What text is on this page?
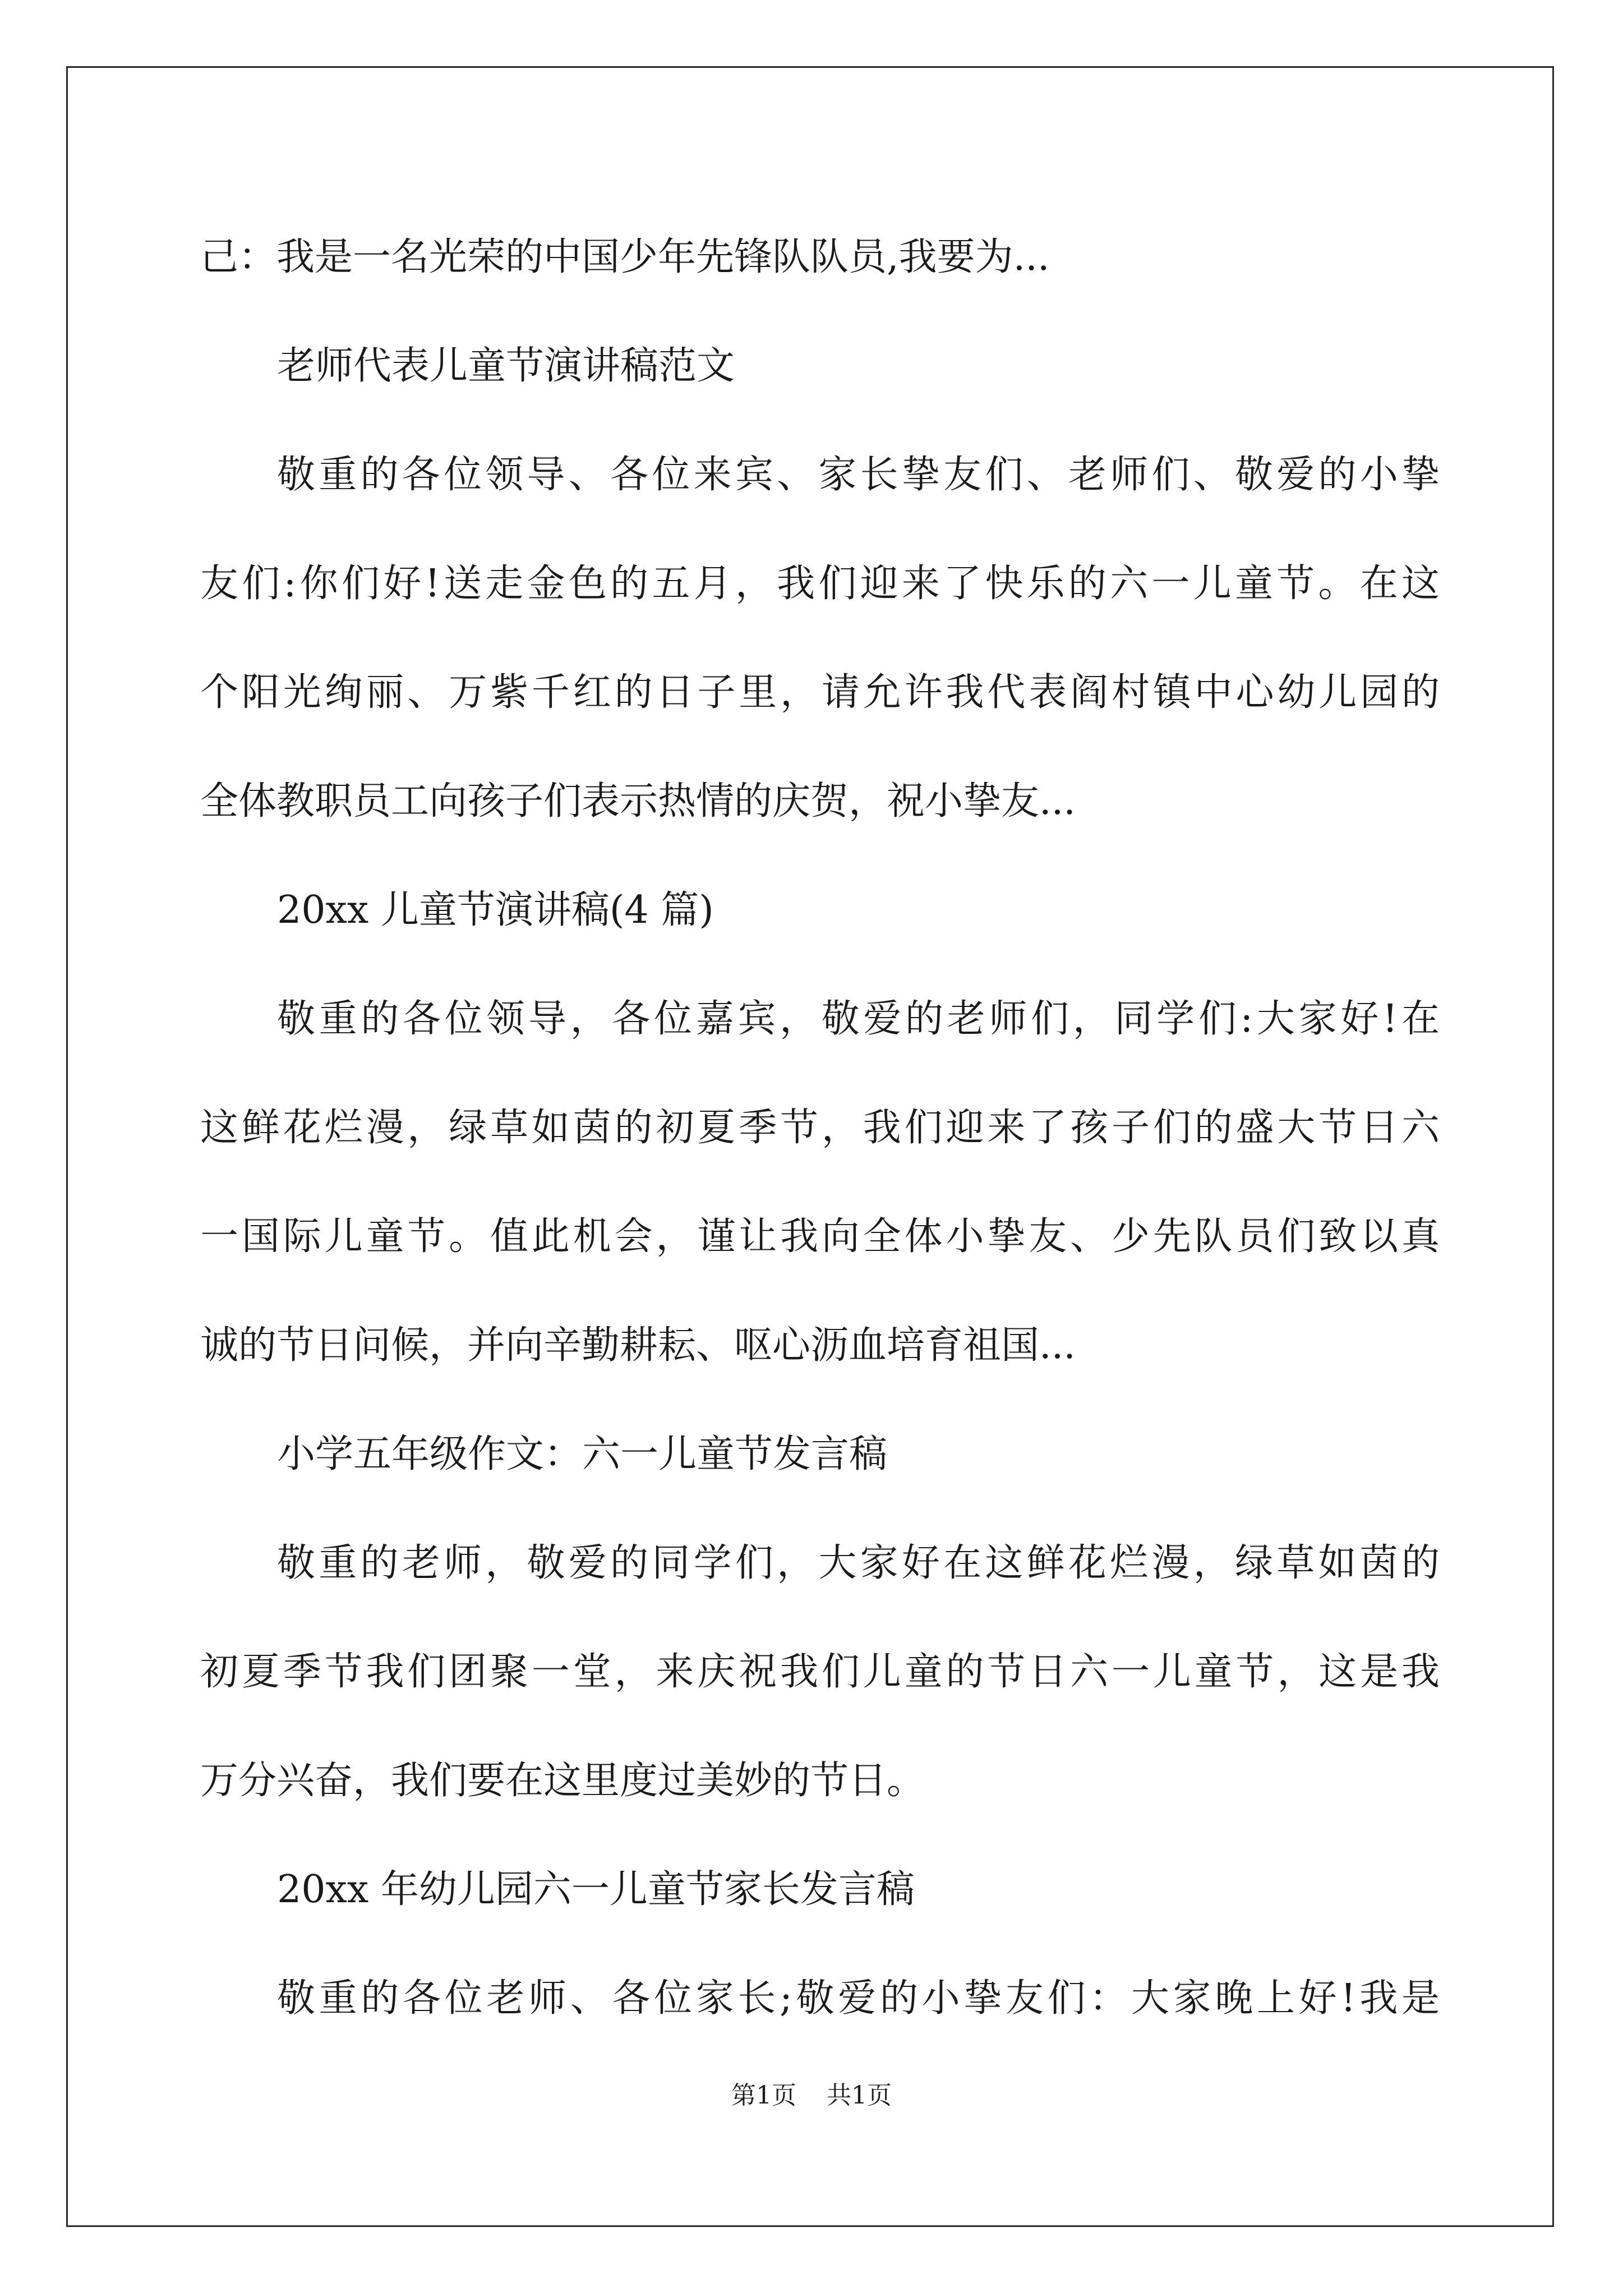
己：我是一名光荣的中国少年先锋队队员,我要为...
老师代表儿童节演讲稿范文
敬重的各位领导、各位来宾、家长挚友们、老师们、敬爱的小挚
友们:你们好!送走金色的五月，我们迎来了快乐的六一儿童节。在这
个阳光绚丽、万紫千红的日子里，请允许我代表阎村镇中心幼儿园的
全体教职员工向孩子们表示热情的庆贺，祝小挚友...
20xx 儿童节演讲稿(4 篇)
敬重的各位领导，各位嘉宾，敬爱的老师们，同学们:大家好!在
这鲜花烂漫，绿草如茵的初夏季节，我们迎来了孩子们的盛大节日六
一国际儿童节。值此机会，谨让我向全体小挚友、少先队员们致以真
诚的节日问候，并向辛勤耕耘、呕心沥血培育祖国...
小学五年级作文：六一儿童节发言稿
敬重的老师，敬爱的同学们，大家好在这鲜花烂漫，绿草如茵的
初夏季节我们团聚一堂，来庆祝我们儿童的节日六一儿童节，这是我
万分兴奋，我们要在这里度过美妙的节日。
20xx 年幼儿园六一儿童节家长发言稿
敬重的各位老师、各位家长;敬爱的小挚友们：大家晚上好!我是
第1页 共1页
